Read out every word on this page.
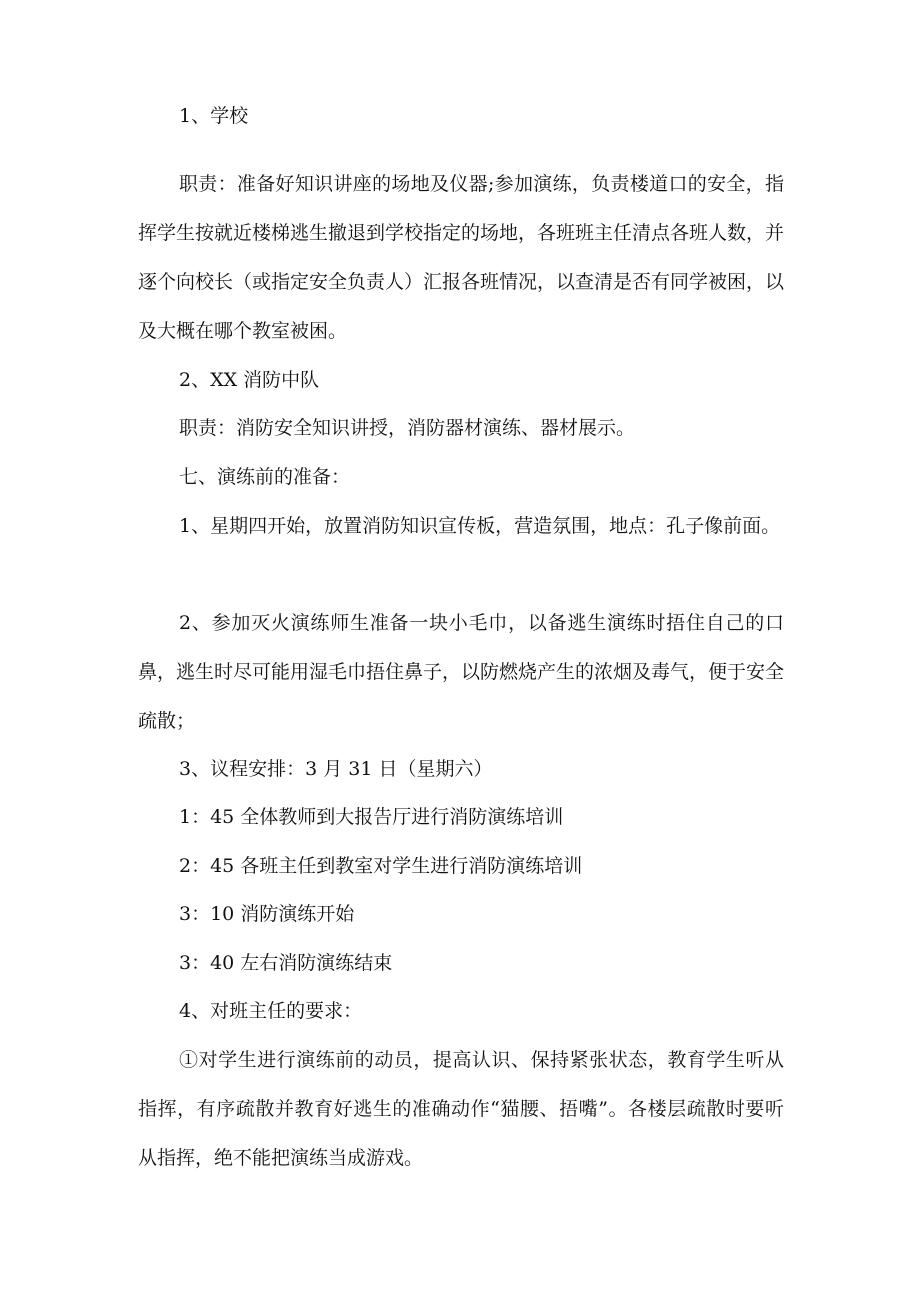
1、学校

职责：准备好知识讲座的场地及仪器;参加演练，负责楼道口的安全，指挥学生按就近楼梯逃生撤退到学校指定的场地，各班班主任清点各班人数，并逐个向校长（或指定安全负责人）汇报各班情况，以查清是否有同学被困，以及大概在哪个教室被困。

2、XX 消防中队

职责：消防安全知识讲授，消防器材演练、器材展示。

七、演练前的准备：

1、星期四开始，放置消防知识宣传板，营造氛围，地点：孔子像前面。

2、参加灭火演练师生准备一块小毛巾，以备逃生演练时捂住自己的口鼻，逃生时尽可能用湿毛巾捂住鼻子，以防燃烧产生的浓烟及毒气，便于安全疏散；

3、议程安排：3 月 31 日（星期六）

1：45 全体教师到大报告厅进行消防演练培训

2：45 各班主任到教室对学生进行消防演练培训

3：10 消防演练开始

3：40 左右消防演练结束

4、对班主任的要求：

①对学生进行演练前的动员，提高认识、保持紧张状态，教育学生听从指挥，有序疏散并教育好逃生的准确动作“猫腰、捂嘴”。各楼层疏散时要听从指挥，绝不能把演练当成游戏。
